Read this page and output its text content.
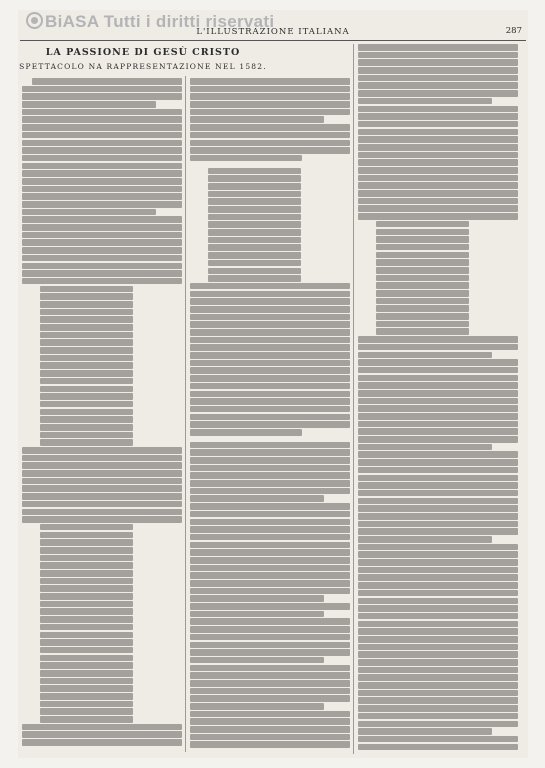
BiASA Tutti i diritti riservati
L'ILLUSTRAZIONE ITALIANA	287
LA PASSIONE DI GESÙ CRISTO
SPETTACOLO NA RAPPRESENTAZIONE NEL 1582.
